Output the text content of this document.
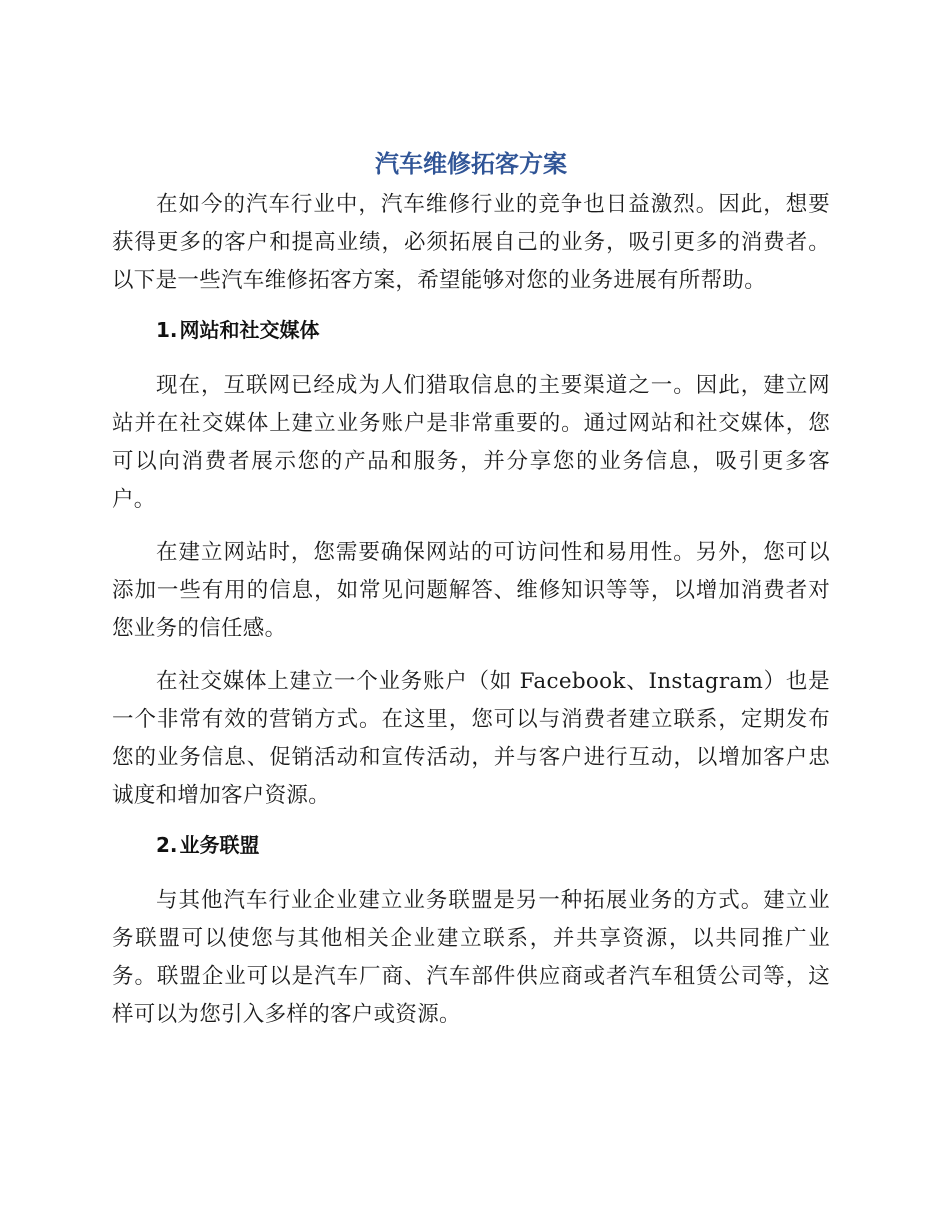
汽车维修拓客方案

在如今的汽车行业中，汽车维修行业的竞争也日益激烈。因此，想要获得更多的客户和提高业绩，必须拓展自己的业务，吸引更多的消费者。以下是一些汽车维修拓客方案，希望能够对您的业务进展有所帮助。

1. 网站和社交媒体

现在，互联网已经成为人们猎取信息的主要渠道之一。因此，建立网站并在社交媒体上建立业务账户是非常重要的。通过网站和社交媒体，您可以向消费者展示您的产品和服务，并分享您的业务信息，吸引更多客户。

在建立网站时，您需要确保网站的可访问性和易用性。另外，您可以添加一些有用的信息，如常见问题解答、维修知识等等，以增加消费者对您业务的信任感。

在社交媒体上建立一个业务账户（如 Facebook、Instagram）也是一个非常有效的营销方式。在这里，您可以与消费者建立联系，定期发布您的业务信息、促销活动和宣传活动，并与客户进行互动，以增加客户忠诚度和增加客户资源。

2. 业务联盟

与其他汽车行业企业建立业务联盟是另一种拓展业务的方式。建立业务联盟可以使您与其他相关企业建立联系，并共享资源，以共同推广业务。联盟企业可以是汽车厂商、汽车部件供应商或者汽车租赁公司等，这样可以为您引入多样的客户或资源。
